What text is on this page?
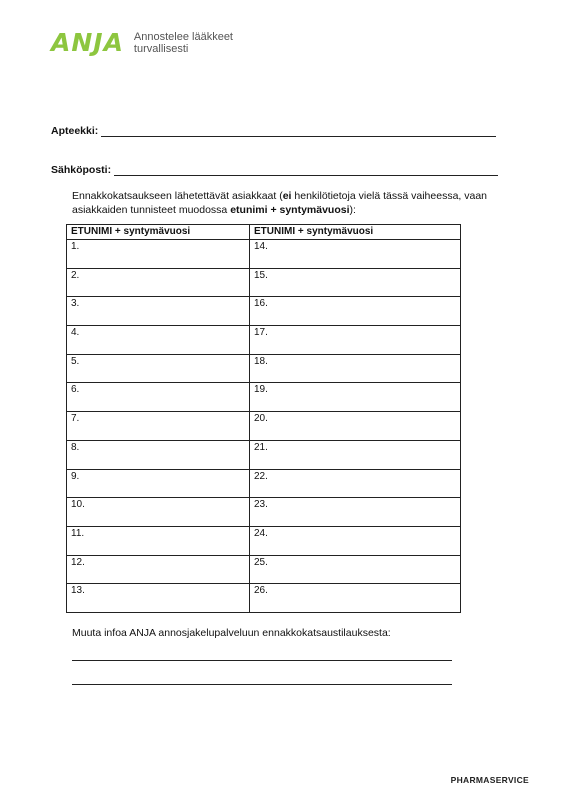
ANJA Annostelee lääkkeet
turvallisesti
Apteekki:
Sähköposti:
Ennakkokatsaukseen lähetettävät asiakkaat (ei henkilötietoja vielä tässä vaiheessa, vaan asiakkaiden tunnisteet muodossa etunimi + syntymävuosi):
ETUNIMI + syntymävuosi	ETUNIMI + syntymävuosi
1.	14.
2.	15.
3.	16.
4.	17.
5.	18.
6.	19.
7.	20.
8.	21.
9.	22.
10.	23.
11.	24.
12.	25.
13.	26.
Muuta infoa ANJA annosjakelupalveluun ennakkokatsaustilauksesta:
PHARMASERVICE
